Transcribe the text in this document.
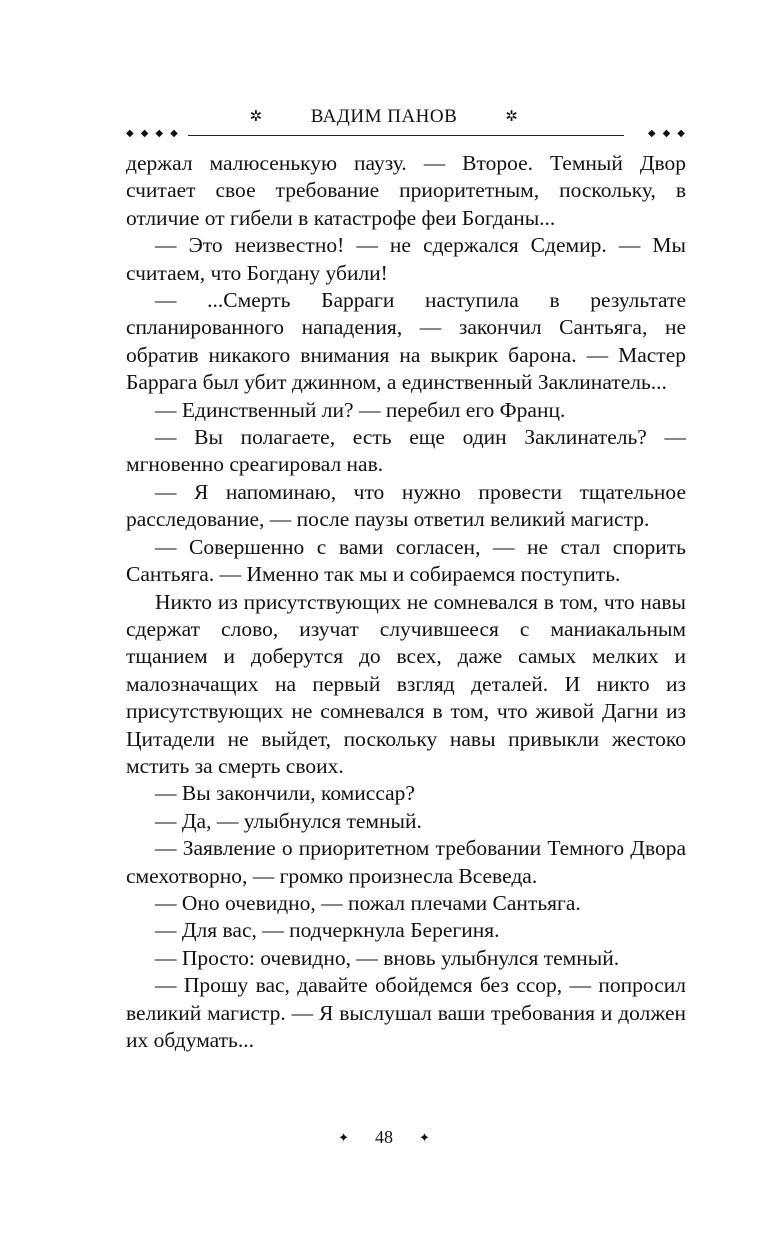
✲	ВАДИМ ПАНОВ	✲
◆◆◆◆	◆◆◆

держал малюсенькую паузу. — Второе. Темный Двор считает свое требование приоритетным, поскольку, в отличие от гибели в катастрофе феи Богданы...

— Это неизвестно! — не сдержался Сдемир. — Мы считаем, что Богдану убили!

— ...Смерть Барраги наступила в результате спланированного нападения, — закончил Сантьяга, не обратив никакого внимания на выкрик барона. — Мастер Баррага был убит джинном, а единственный Заклинатель...

— Единственный ли? — перебил его Франц.

— Вы полагаете, есть еще один Заклинатель? — мгновенно среагировал нав.

— Я напоминаю, что нужно провести тщательное расследование, — после паузы ответил великий магистр.

— Совершенно с вами согласен, — не стал спорить Сантьяга. — Именно так мы и собираемся поступить.

Никто из присутствующих не сомневался в том, что навы сдержат слово, изучат случившееся с маниакальным тщанием и доберутся до всех, даже самых мелких и малозначащих на первый взгляд деталей. И никто из присутствующих не сомневался в том, что живой Дагни из Цитадели не выйдет, поскольку навы привыкли жестоко мстить за смерть своих.

— Вы закончили, комиссар?

— Да, — улыбнулся темный.

— Заявление о приоритетном требовании Темного Двора смехотворно, — громко произнесла Всеведа.

— Оно очевидно, — пожал плечами Сантьяга.

— Для вас, — подчеркнула Берегиня.

— Просто: очевидно, — вновь улыбнулся темный.

— Прошу вас, давайте обойдемся без ссор, — попросил великий магистр. — Я выслушал ваши требования и должен их обдумать...

✦ 48 ✦
